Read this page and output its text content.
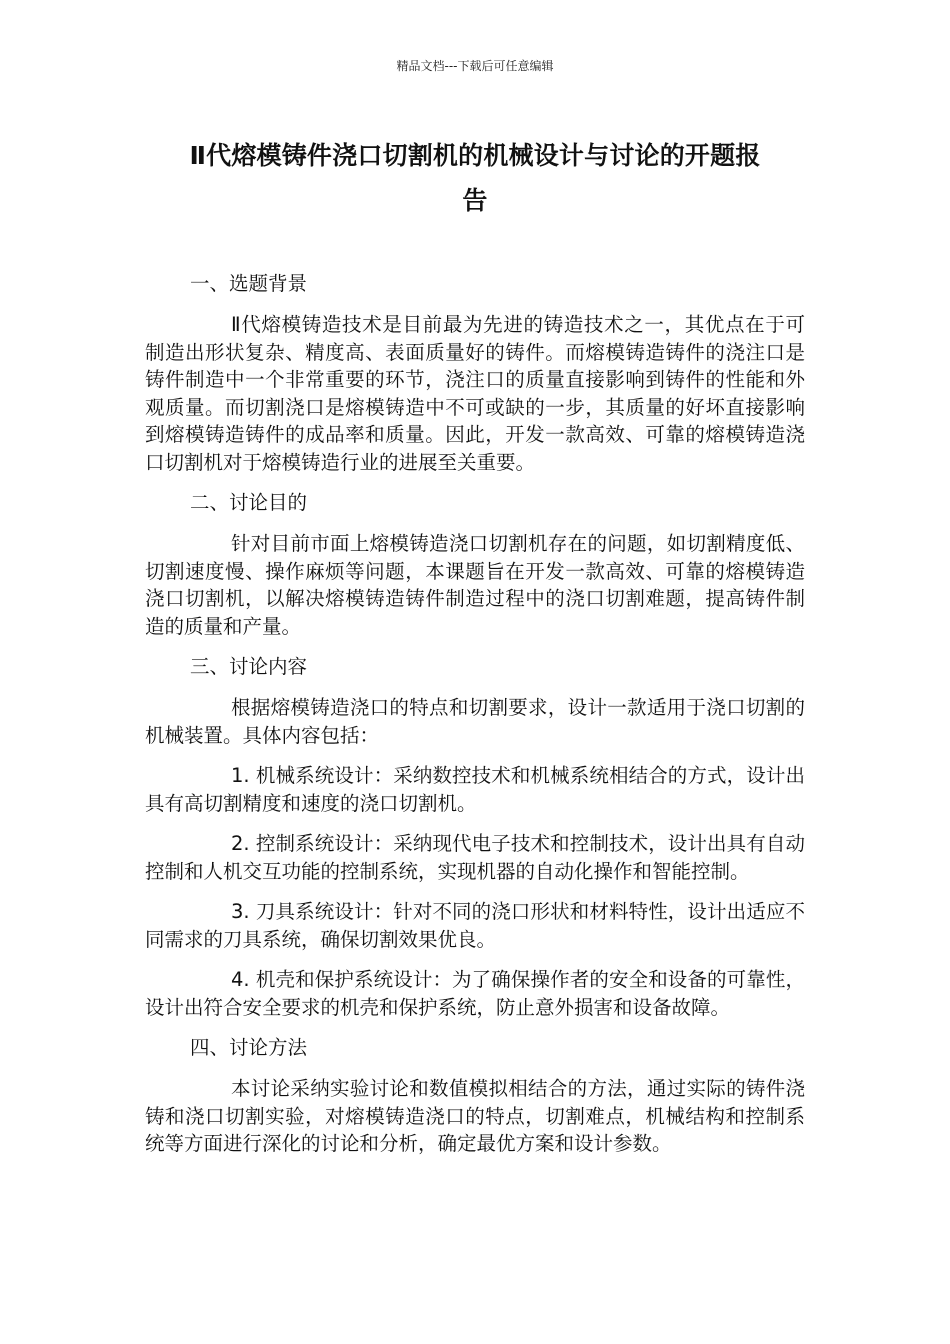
精品文档---下载后可任意编辑
Ⅱ代熔模铸件浇口切割机的机械设计与讨论的开题报
告
一、选题背景

Ⅱ代熔模铸造技术是目前最为先进的铸造技术之一，其优点在于可制造出形状复杂、精度高、表面质量好的铸件。而熔模铸造铸件的浇注口是铸件制造中一个非常重要的环节，浇注口的质量直接影响到铸件的性能和外观质量。而切割浇口是熔模铸造中不可或缺的一步，其质量的好坏直接影响到熔模铸造铸件的成品率和质量。因此，开发一款高效、可靠的熔模铸造浇口切割机对于熔模铸造行业的进展至关重要。

二、讨论目的

针对目前市面上熔模铸造浇口切割机存在的问题，如切割精度低、切割速度慢、操作麻烦等问题，本课题旨在开发一款高效、可靠的熔模铸造浇口切割机，以解决熔模铸造铸件制造过程中的浇口切割难题，提高铸件制造的质量和产量。

三、讨论内容

根据熔模铸造浇口的特点和切割要求，设计一款适用于浇口切割的机械装置。具体内容包括：

1. 机械系统设计：采纳数控技术和机械系统相结合的方式，设计出具有高切割精度和速度的浇口切割机。

2. 控制系统设计：采纳现代电子技术和控制技术，设计出具有自动控制和人机交互功能的控制系统，实现机器的自动化操作和智能控制。

3. 刀具系统设计：针对不同的浇口形状和材料特性，设计出适应不同需求的刀具系统，确保切割效果优良。

4. 机壳和保护系统设计：为了确保操作者的安全和设备的可靠性，设计出符合安全要求的机壳和保护系统，防止意外损害和设备故障。

四、讨论方法

本讨论采纳实验讨论和数值模拟相结合的方法，通过实际的铸件浇铸和浇口切割实验，对熔模铸造浇口的特点，切割难点，机械结构和控制系统等方面进行深化的讨论和分析，确定最优方案和设计参数。
